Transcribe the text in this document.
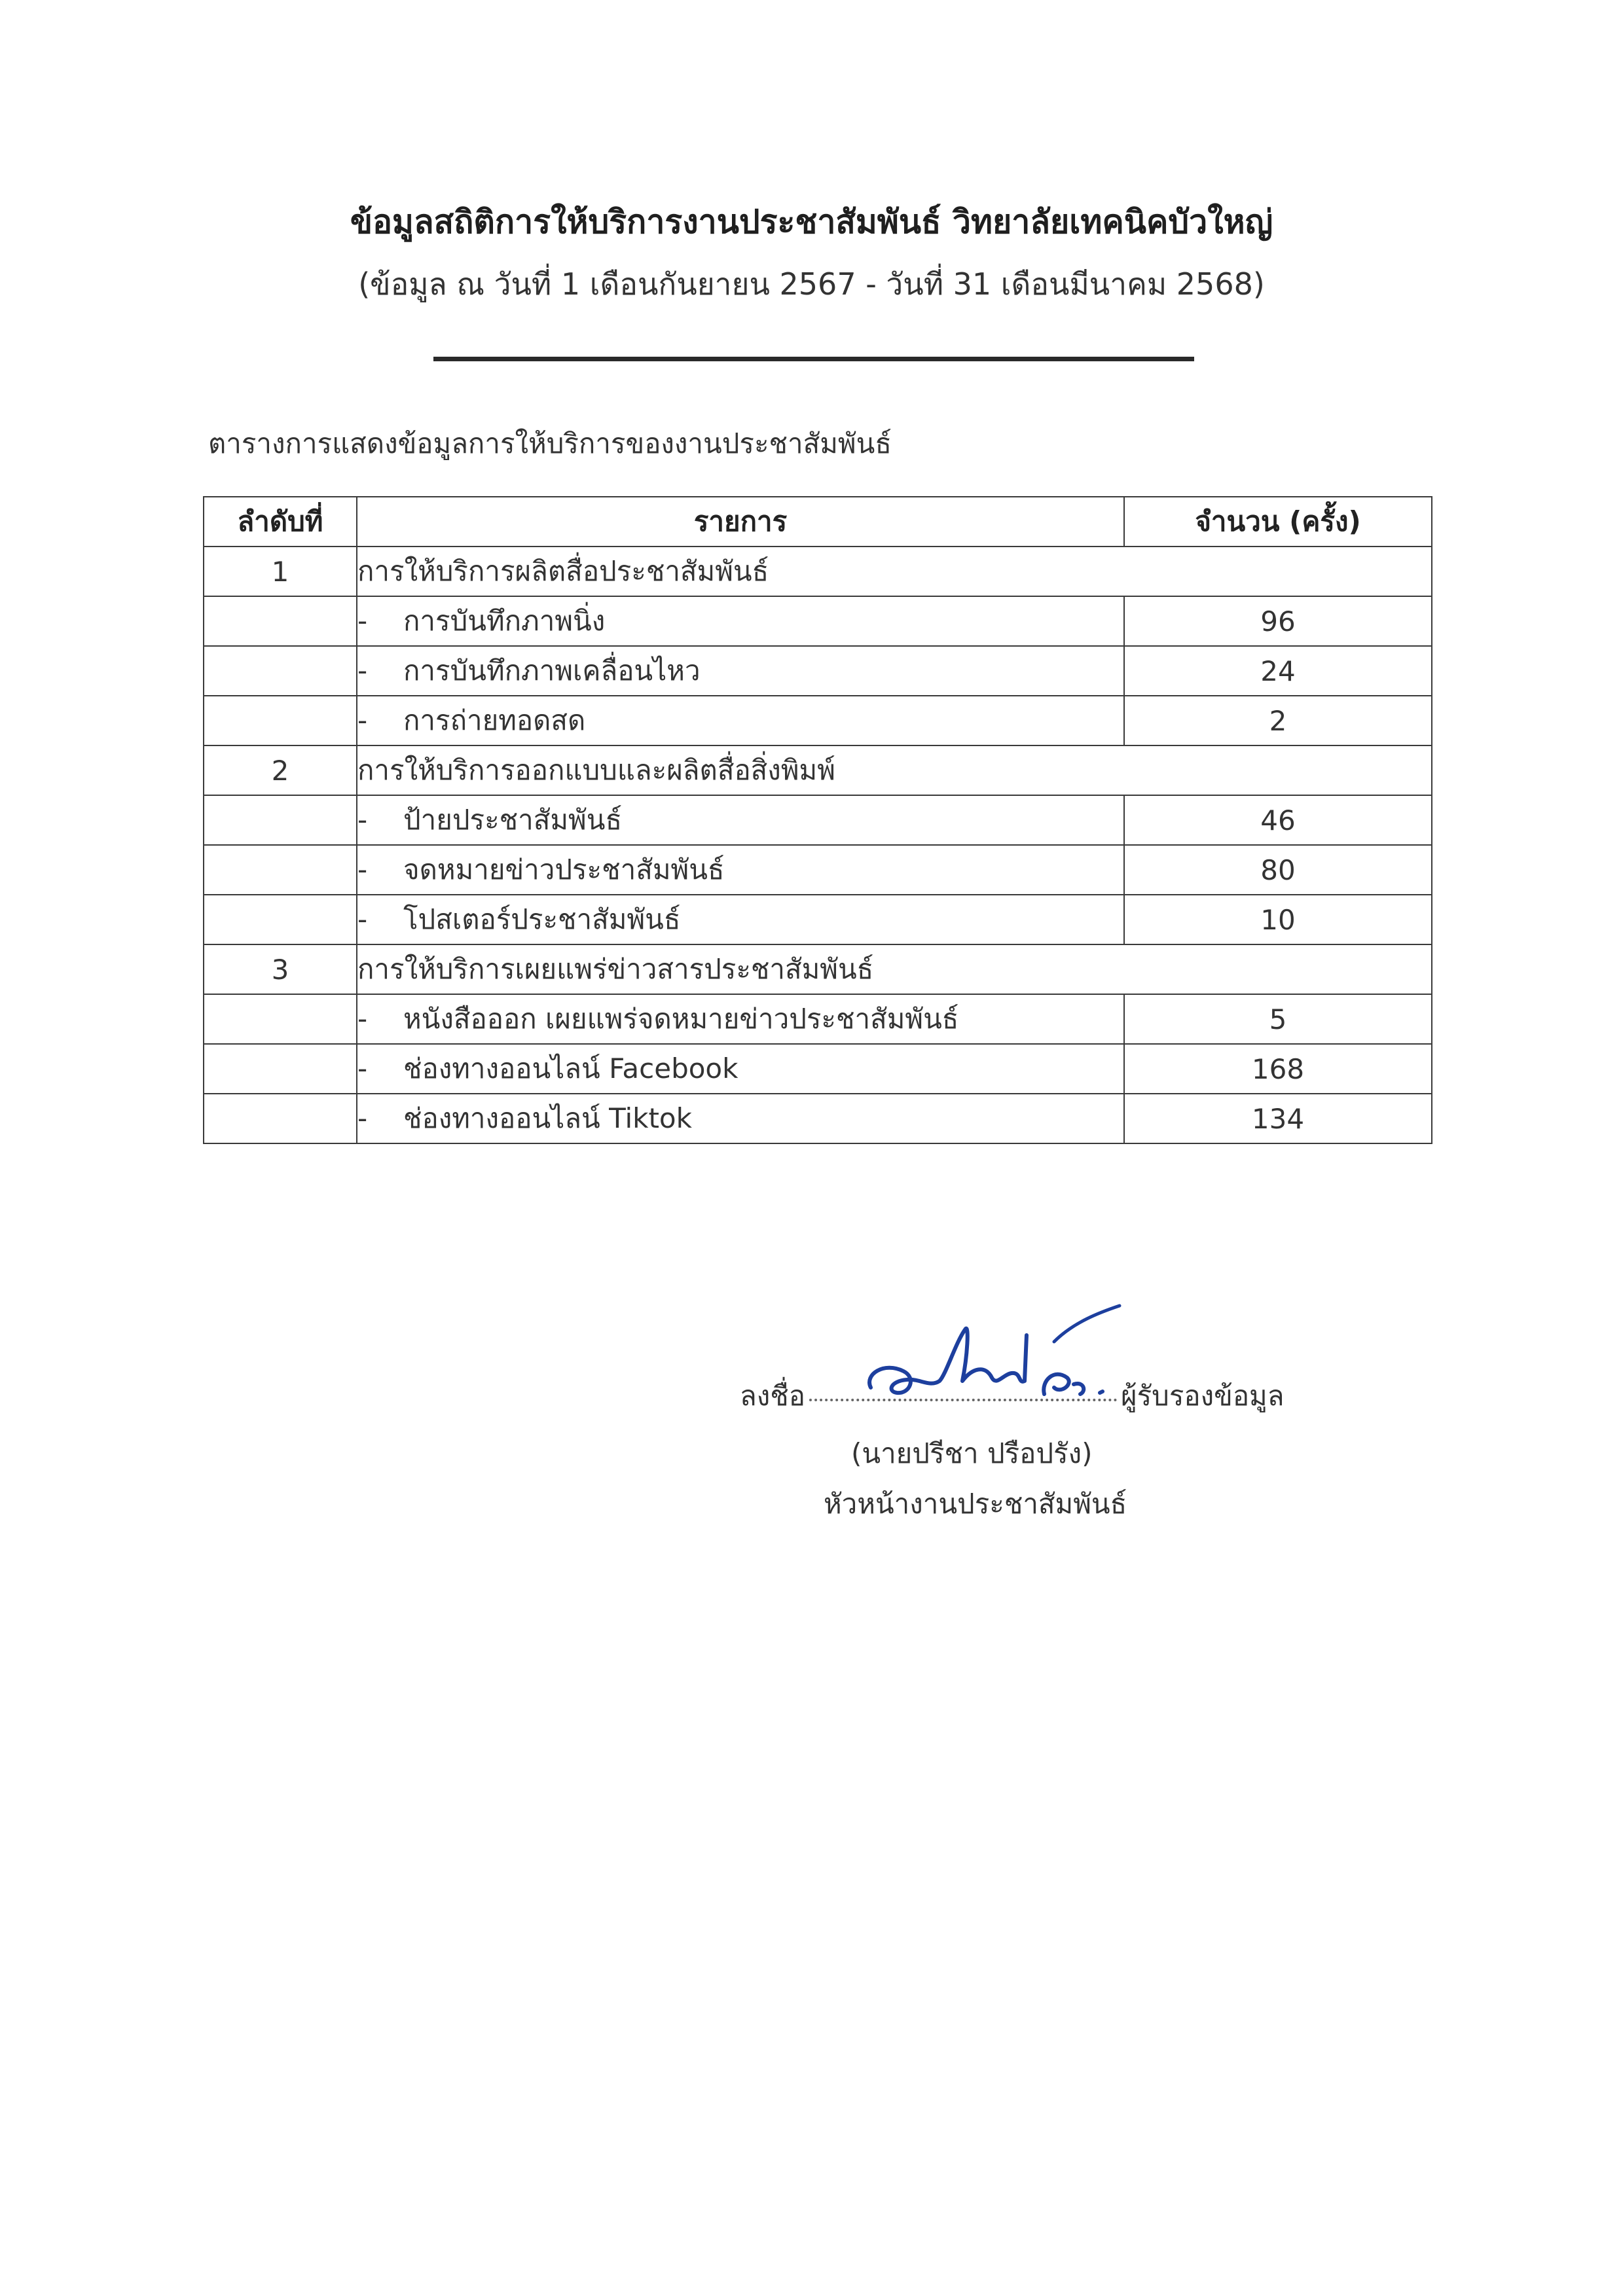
ข้อมูลสถิติการให้บริการงานประชาสัมพันธ์ วิทยาลัยเทคนิคบัวใหญ่
(ข้อมูล ณ วันที่ 1 เดือนกันยายน 2567 - วันที่ 31 เดือนมีนาคม 2568)
ตารางการแสดงข้อมูลการให้บริการของงานประชาสัมพันธ์
ลำดับที่	รายการ	จำนวน (ครั้ง)
1	การให้บริการผลิตสื่อประชาสัมพันธ์	
	- การบันทึกภาพนิ่ง	96
	- การบันทึกภาพเคลื่อนไหว	24
	- การถ่ายทอดสด	2
2	การให้บริการออกแบบและผลิตสื่อสิ่งพิมพ์	
	- ป้ายประชาสัมพันธ์	46
	- จดหมายข่าวประชาสัมพันธ์	80
	- โปสเตอร์ประชาสัมพันธ์	10
3	การให้บริการเผยแพร่ข่าวสารประชาสัมพันธ์	
	- หนังสือออก เผยแพร่จดหมายข่าวประชาสัมพันธ์	5
	- ช่องทางออนไลน์ Facebook	168
	- ช่องทางออนไลน์ Tiktok	134
ลงชื่อ	ผู้รับรองข้อมูล
(นายปรีชา ปรือปรัง)
หัวหน้างานประชาสัมพันธ์
